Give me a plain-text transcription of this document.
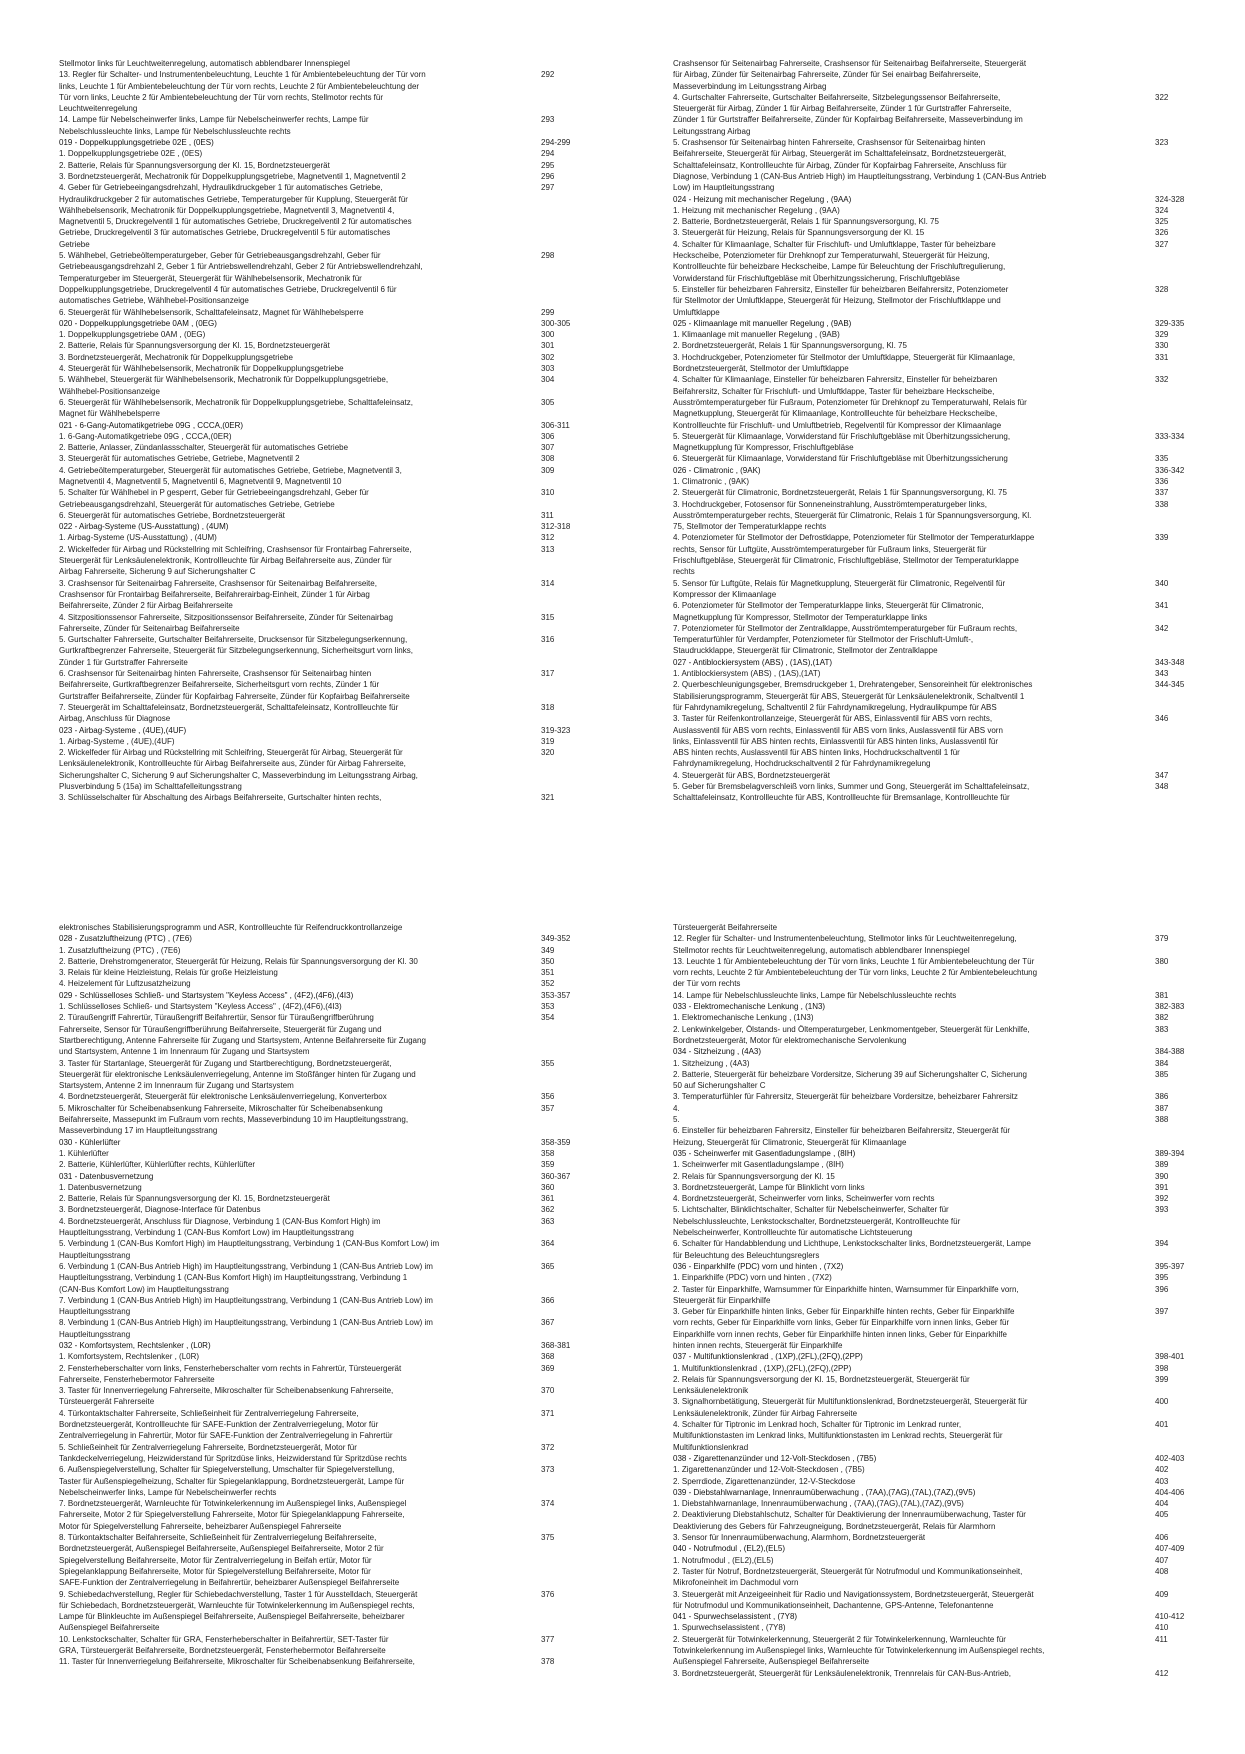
Stellmotor links für Leuchtweitenregelung, automatisch abblendbarer Innenspiegel
13. Regler für Schalter- und Instrumentenbeleuchtung, Leuchte 1 für Ambientebeleuchtung der Tür vorn	292
links, Leuchte 1 für Ambientebeleuchtung der Tür vorn rechts, Leuchte 2 für Ambientebeleuchtung der
Tür vorn links, Leuchte 2 für Ambientebeleuchtung der Tür vorn rechts, Stellmotor rechts für
Leuchtweitenregelung
14. Lampe für Nebelscheinwerfer links, Lampe für Nebelscheinwerfer rechts, Lampe für	293
Nebelschlussleuchte links, Lampe für Nebelschlussleuchte rechts
019 - Doppelkupplungsgetriebe 02E , (0ES)	294-299
1. Doppelkupplungsgetriebe 02E , (0ES)	294
2. Batterie, Relais für Spannungsversorgung der Kl. 15, Bordnetzsteuergerät	295
3. Bordnetzsteuergerät, Mechatronik für Doppelkupplungsgetriebe, Magnetventil 1, Magnetventil 2	296
4. Geber für Getriebeeingangsdrehzahl, Hydraulikdruckgeber 1 für automatisches Getriebe,	297
Hydraulikdruckgeber 2 für automatisches Getriebe, Temperaturgeber für Kupplung, Steuergerät für
Wählhebelsensorik, Mechatronik für Doppelkupplungsgetriebe, Magnetventil 3, Magnetventil 4,
Magnetventil 5, Druckregelventil 1 für automatisches Getriebe, Druckregelventil 2 für automatisches
Getriebe, Druckregelventil 3 für automatisches Getriebe, Druckregelventil 5 für automatisches
Getriebe
5. Wählhebel, Getriebeöltemperaturgeber, Geber für Getriebeausgangsdrehzahl, Geber für	298
Getriebeausgangsdrehzahl 2, Geber 1 für Antriebswellendrehzahl, Geber 2 für Antriebswellendrehzahl,
Temperaturgeber im Steuergerät, Steuergerät für Wählhebelsensorik, Mechatronik für
Doppelkupplungsgetriebe, Druckregelventil 4 für automatisches Getriebe, Druckregelventil 6 für
automatisches Getriebe, Wählhebel-Positionsanzeige
6. Steuergerät für Wählhebelsensorik, Schalttafeleinsatz, Magnet für Wählhebelsperre	299
020 - Doppelkupplungsgetriebe 0AM , (0EG)	300-305
1. Doppelkupplungsgetriebe 0AM , (0EG)	300
2. Batterie, Relais für Spannungsversorgung der Kl. 15, Bordnetzsteuergerät	301
3. Bordnetzsteuergerät, Mechatronik für Doppelkupplungsgetriebe	302
4. Steuergerät für Wählhebelsensorik, Mechatronik für Doppelkupplungsgetriebe	303
5. Wählhebel, Steuergerät für Wählhebelsensorik, Mechatronik für Doppelkupplungsgetriebe,	304
Wählhebel-Positionsanzeige
6. Steuergerät für Wählhebelsensorik, Mechatronik für Doppelkupplungsgetriebe, Schalttafeleinsatz,	305
Magnet für Wählhebelsperre
021 - 6-Gang-Automatikgetriebe 09G , CCCA,(0ER)	306-311
1. 6-Gang-Automatikgetriebe 09G , CCCA,(0ER)	306
2. Batterie, Anlasser, Zündanlassschalter, Steuergerät für automatisches Getriebe	307
3. Steuergerät für automatisches Getriebe, Getriebe, Magnetventil 2	308
4. Getriebeöltemperaturgeber, Steuergerät für automatisches Getriebe, Getriebe, Magnetventil 3,	309
Magnetventil 4, Magnetventil 5, Magnetventil 6, Magnetventil 9, Magnetventil 10
5. Schalter für Wählhebel in P gesperrt, Geber für Getriebeeingangsdrehzahl, Geber für	310
Getriebeausgangsdrehzahl, Steuergerät für automatisches Getriebe, Getriebe
6. Steuergerät für automatisches Getriebe, Bordnetzsteuergerät	311
022 - Airbag-Systeme (US-Ausstattung) , (4UM)	312-318
1. Airbag-Systeme (US-Ausstattung) , (4UM)	312
2. Wickelfeder für Airbag und Rückstellring mit Schleifring, Crashsensor für Frontairbag Fahrerseite,	313
Steuergerät für Lenksäulenelektronik, Kontrollleuchte für Airbag Beifahrerseite aus, Zünder für
Airbag Fahrerseite, Sicherung 9 auf Sicherungshalter C
3. Crashsensor für Seitenairbag Fahrerseite, Crashsensor für Seitenairbag Beifahrerseite,	314
Crashsensor für Frontairbag Beifahrerseite, Beifahrerairbag-Einheit, Zünder 1 für Airbag
Beifahrerseite, Zünder 2 für Airbag Beifahrerseite
4. Sitzpositionssensor Fahrerseite, Sitzpositionssensor Beifahrerseite, Zünder für Seitenairbag	315
Fahrerseite, Zünder für Seitenairbag Beifahrerseite
5. Gurtschalter Fahrerseite, Gurtschalter Beifahrerseite, Drucksensor für Sitzbelegungserkennung,	316
Gurtkraftbegrenzer Fahrerseite, Steuergerät für Sitzbelegungserkennung, Sicherheitsgurt vorn links,
Zünder 1 für Gurtstraffer Fahrerseite
6. Crashsensor für Seitenairbag hinten Fahrerseite, Crashsensor für Seitenairbag hinten	317
Beifahrerseite, Gurtkraftbegrenzer Beifahrerseite, Sicherheitsgurt vorn rechts, Zünder 1 für
Gurtstraffer Beifahrerseite, Zünder für Kopfairbag Fahrerseite, Zünder für Kopfairbag Beifahrerseite
7. Steuergerät im Schalttafeleinsatz, Bordnetzsteuergerät, Schalttafeleinsatz, Kontrollleuchte für	318
Airbag, Anschluss für Diagnose
023 - Airbag-Systeme , (4UE),(4UF)	319-323
1. Airbag-Systeme , (4UE),(4UF)	319
2. Wickelfeder für Airbag und Rückstellring mit Schleifring, Steuergerät für Airbag, Steuergerät für	320
Lenksäulenelektronik, Kontrollleuchte für Airbag Beifahrerseite aus, Zünder für Airbag Fahrerseite,
Sicherungshalter C, Sicherung 9 auf Sicherungshalter C, Masseverbindung im Leitungsstrang Airbag,
Plusverbindung 5 (15a) im Schalttafelleitungsstrang
3. Schlüsselschalter für Abschaltung des Airbags Beifahrerseite, Gurtschalter hinten rechts,	321
Crashsensor für Seitenairbag Fahrerseite, Crashsensor für Seitenairbag Beifahrerseite, Steuergerät
für Airbag, Zünder für Seitenairbag Fahrerseite, Zünder für Sei enairbag Beifahrerseite,
Masseverbindung im Leitungsstrang Airbag
4. Gurtschalter Fahrerseite, Gurtschalter Beifahrerseite, Sitzbelegungssensor Beifahrerseite,	322
Steuergerät für Airbag, Zünder 1 für Airbag Beifahrerseite, Zünder 1 für Gurtstraffer Fahrerseite,
Zünder 1 für Gurtstraffer Beifahrerseite, Zünder für Kopfairbag Beifahrerseite, Masseverbindung im
Leitungsstrang Airbag
5. Crashsensor für Seitenairbag hinten Fahrerseite, Crashsensor für Seitenairbag hinten	323
Beifahrerseite, Steuergerät für Airbag, Steuergerät im Schalttafeleinsatz, Bordnetzsteuergerät,
Schalttafeleinsatz, Kontrollleuchte für Airbag, Zünder für Kopfairbag Fahrerseite, Anschluss für
Diagnose, Verbindung 1 (CAN-Bus Antrieb High) im Hauptleitungsstrang, Verbindung 1 (CAN-Bus Antrieb
Low) im Hauptleitungsstrang
024 - Heizung mit mechanischer Regelung , (9AA)	324-328
1. Heizung mit mechanischer Regelung , (9AA)	324
2. Batterie, Bordnetzsteuergerät, Relais 1 für Spannungsversorgung, Kl. 75	325
3. Steuergerät für Heizung, Relais für Spannungsversorgung der Kl. 15	326
4. Schalter für Klimaanlage, Schalter für Frischluft- und Umluftklappe, Taster für beheizbare	327
Heckscheibe, Potenziometer für Drehknopf zur Temperaturwahl, Steuergerät für Heizung,
Kontrollleuchte für beheizbare Heckscheibe, Lampe für Beleuchtung der Frischluftregulierung,
Vorwiderstand für Frischluftgebläse mit Überhitzungssicherung, Frischluftgebläse
5. Einsteller für beheizbaren Fahrersitz, Einsteller für beheizbaren Beifahrersitz, Potenziometer	328
für Stellmotor der Umluftklappe, Steuergerät für Heizung, Stellmotor der Frischluftklappe und
Umluftklappe
025 - Klimaanlage mit manueller Regelung , (9AB)	329-335
1. Klimaanlage mit manueller Regelung , (9AB)	329
2. Bordnetzsteuergerät, Relais 1 für Spannungsversorgung, Kl. 75	330
3. Hochdruckgeber, Potenziometer für Stellmotor der Umluftklappe, Steuergerät für Klimaanlage,	331
Bordnetzsteuergerät, Stellmotor der Umluftklappe
4. Schalter für Klimaanlage, Einsteller für beheizbaren Fahrersitz, Einsteller für beheizbaren	332
Beifahrersitz, Schalter für Frischluft- und Umluftklappe, Taster für beheizbare Heckscheibe,
Ausströmtemperaturgeber für Fußraum, Potenziometer für Drehknopf zu Temperaturwahl, Relais für
Magnetkupplung, Steuergerät für Klimaanlage, Kontrollleuchte für beheizbare Heckscheibe,
Kontrollleuchte für Frischluft- und Umluftbetrieb, Regelventil für Kompressor der Klimaanlage
5. Steuergerät für Klimaanlage, Vorwiderstand für Frischluftgebläse mit Überhitzungssicherung,	333-334
Magnetkupplung für Kompressor, Frischluftgebläse
6. Steuergerät für Klimaanlage, Vorwiderstand für Frischluftgebläse mit Überhitzungssicherung	335
026 - Climatronic , (9AK)	336-342
1. Climatronic , (9AK)	336
2. Steuergerät für Climatronic, Bordnetzsteuergerät, Relais 1 für Spannungsversorgung, Kl. 75	337
3. Hochdruckgeber, Fotosensor für Sonneneinstrahlung, Ausströmtemperaturgeber links,	338
Ausströmtemperaturgeber rechts, Steuergerät für Climatronic, Relais 1 für Spannungsversorgung, Kl.
75, Stellmotor der Temperaturklappe rechts
4. Potenziometer für Stellmotor der Defrostklappe, Potenziometer für Stellmotor der Temperaturklappe	339
rechts, Sensor für Luftgüte, Ausströmtemperaturgeber für Fußraum links, Steuergerät für
Frischluftgebläse, Steuergerät für Climatronic, Frischluftgebläse, Stellmotor der Temperaturklappe
rechts
5. Sensor für Luftgüte, Relais für Magnetkupplung, Steuergerät für Climatronic, Regelventil für	340
Kompressor der Klimaanlage
6. Potenziometer für Stellmotor der Temperaturklappe links, Steuergerät für Climatronic,	341
Magnetkupplung für Kompressor, Stellmotor der Temperaturklappe links
7. Potenziometer für Stellmotor der Zentralklappe, Ausströmtemperaturgeber für Fußraum rechts,	342
Temperaturfühler für Verdampfer, Potenziometer für Stellmotor der Frischluft-Umluft-,
Staudruckklappe, Steuergerät für Climatronic, Stellmotor der Zentralklappe
027 - Antiblockiersystem (ABS) , (1AS),(1AT)	343-348
1. Antiblockiersystem (ABS) , (1AS),(1AT)	343
2. Querbeschleunigungsgeber, Bremsdruckgeber 1, Drehratengeber, Sensoreinheit für elektronisches	344-345
Stabilisierungsprogramm, Steuergerät für ABS, Steuergerät für Lenksäulenelektronik, Schaltventil 1
für Fahrdynamikregelung, Schaltventil 2 für Fahrdynamikregelung, Hydraulikpumpe für ABS
3. Taster für Reifenkontrollanzeige, Steuergerät für ABS, Einlassventil für ABS vorn rechts,	346
Auslassventil für ABS vorn rechts, Einlassventil für ABS vorn links, Auslassventil für ABS vorn
links, Einlassventil für ABS hinten rechts, Einlassventil für ABS hinten links, Auslassventil für
ABS hinten rechts, Auslassventil für ABS hinten links, Hochdruckschaltventil 1 für
Fahrdynamikregelung, Hochdruckschaltventil 2 für Fahrdynamikregelung
4. Steuergerät für ABS, Bordnetzsteuergerät	347
5. Geber für Bremsbelagverschleiß vorn links, Summer und Gong, Steuergerät im Schalttafeleinsatz,	348
Schalttafeleinsatz, Kontrollleuchte für ABS, Kontrollleuchte für Bremsanlage, Kontrollleuchte für
elektronisches Stabilisierungsprogramm und ASR, Kontrollleuchte für Reifendruckkontrollanzeige
028 - Zusatzluftheizung (PTC) , (7E6)	349-352
1. Zusatzluftheizung (PTC) , (7E6)	349
2. Batterie, Drehstromgenerator, Steuergerät für Heizung, Relais für Spannungsversorgung der Kl. 30	350
3. Relais für kleine Heizleistung, Relais für große Heizleistung	351
4. Heizelement für Luftzusatzheizung	352
029 - Schlüsselloses Schließ- und Startsystem "Keyless Access" , (4F2),(4F6),(4I3)	353-357
1. Schlüsselloses Schließ- und Startsystem "Keyless Access" , (4F2),(4F6),(4I3)	353
2. Türaußengriff Fahrertür, Türaußengriff Beifahrertür, Sensor für Türaußengriffberührung	354
Fahrerseite, Sensor für Türaußengriffberührung Beifahrerseite, Steuergerät für Zugang und
Startberechtigung, Antenne Fahrerseite für Zugang und Startsystem, Antenne Beifahrerseite für Zugang
und Startsystem, Antenne 1 im Innenraum für Zugang und Startsystem
3. Taster für Startanlage, Steuergerät für Zugang und Startberechtigung, Bordnetzsteuergerät,	355
Steuergerät für elektronische Lenksäulenverriegelung, Antenne im Stoßfänger hinten für Zugang und
Startsystem, Antenne 2 im Innenraum für Zugang und Startsystem
4. Bordnetzsteuergerät, Steuergerät für elektronische Lenksäulenverriegelung, Konverterbox	356
5. Mikroschalter für Scheibenabsenkung Fahrerseite, Mikroschalter für Scheibenabsenkung	357
Beifahrerseite, Massepunkt im Fußraum vorn rechts, Masseverbindung 10 im Hauptleitungsstrang,
Masseverbindung 17 im Hauptleitungsstrang
030 - Kühlerlüfter	358-359
1. Kühlerlüfter	358
2. Batterie, Kühlerlüfter, Kühlerlüfter rechts, Kühlerlüfter	359
031 - Datenbusvernetzung	360-367
1. Datenbusvernetzung	360
2. Batterie, Relais für Spannungsversorgung der Kl. 15, Bordnetzsteuergerät	361
3. Bordnetzsteuergerät, Diagnose-Interface für Datenbus	362
4. Bordnetzsteuergerät, Anschluss für Diagnose, Verbindung 1 (CAN-Bus Komfort High) im	363
Hauptleitungsstrang, Verbindung 1 (CAN-Bus Komfort Low) im Hauptleitungsstrang
5. Verbindung 1 (CAN-Bus Komfort High) im Hauptleitungsstrang, Verbindung 1 (CAN-Bus Komfort Low) im	364
Hauptleitungsstrang
6. Verbindung 1 (CAN-Bus Antrieb High) im Hauptleitungsstrang, Verbindung 1 (CAN-Bus Antrieb Low) im	365
Hauptleitungsstrang, Verbindung 1 (CAN-Bus Komfort High) im Hauptleitungsstrang, Verbindung 1
(CAN-Bus Komfort Low) im Hauptleitungsstrang
7. Verbindung 1 (CAN-Bus Antrieb High) im Hauptleitungsstrang, Verbindung 1 (CAN-Bus Antrieb Low) im	366
Hauptleitungsstrang
8. Verbindung 1 (CAN-Bus Antrieb High) im Hauptleitungsstrang, Verbindung 1 (CAN-Bus Antrieb Low) im	367
Hauptleitungsstrang
032 - Komfortsystem, Rechtslenker , (L0R)	368-381
1. Komfortsystem, Rechtslenker , (L0R)	368
2. Fensterheberschalter vorn links, Fensterheberschalter vorn rechts in Fahrertür, Türsteuergerät	369
Fahrerseite, Fensterhebermotor Fahrerseite
3. Taster für Innenverriegelung Fahrerseite, Mikroschalter für Scheibenabsenkung Fahrerseite,	370
Türsteuergerät Fahrerseite
4. Türkontaktschalter Fahrerseite, Schließeinheit für Zentralverriegelung Fahrerseite,	371
Bordnetzsteuergerät, Kontrollleuchte für SAFE-Funktion der Zentralverriegelung, Motor für
Zentralverriegelung in Fahrertür, Motor für SAFE-Funktion der Zentralverriegelung in Fahrertür
5. Schließeinheit für Zentralverriegelung Fahrerseite, Bordnetzsteuergerät, Motor für	372
Tankdeckelverriegelung, Heizwiderstand für Spritzdüse links, Heizwiderstand für Spritzdüse rechts
6. Außenspiegelverstellung, Schalter für Spiegelverstellung, Umschalter für Spiegelverstellung,	373
Taster für Außenspiegelheizung, Schalter für Spiegelanklappung, Bordnetzsteuergerät, Lampe für
Nebelscheinwerfer links, Lampe für Nebelscheinwerfer rechts
7. Bordnetzsteuergerät, Warnleuchte für Totwinkelerkennung im Außenspiegel links, Außenspiegel	374
Fahrerseite, Motor 2 für Spiegelverstellung Fahrerseite, Motor für Spiegelanklappung Fahrerseite,
Motor für Spiegelverstellung Fahrerseite, beheizbarer Außenspiegel Fahrerseite
8. Türkontaktschalter Beifahrerseite, Schließeinheit für Zentralverriegelung Beifahrerseite,	375
Bordnetzsteuergerät, Außenspiegel Beifahrerseite, Außenspiegel Beifahrerseite, Motor 2 für
Spiegelverstellung Beifahrerseite, Motor für Zentralverriegelung in Beifah ertür, Motor für
Spiegelanklappung Beifahrerseite, Motor für Spiegelverstellung Beifahrerseite, Motor für
SAFE-Funktion der Zentralverriegelung in Beifahrertür, beheizbarer Außenspiegel Beifahrerseite
9. Schiebedachverstellung, Regler für Schiebedachverstellung, Taster 1 für Ausstelldach, Steuergerät	376
für Schiebedach, Bordnetzsteuergerät, Warnleuchte für Totwinkelerkennung im Außenspiegel rechts,
Lampe für Blinkleuchte im Außenspiegel Beifahrerseite, Außenspiegel Beifahrerseite, beheizbarer
Außenspiegel Beifahrerseite
10. Lenkstockschalter, Schalter für GRA, Fensterheberschalter in Beifahrertür, SET-Taster für	377
GRA, Türsteuergerät Beifahrerseite, Bordnetzsteuergerät, Fensterhebermotor Beifahrerseite
11. Taster für Innenverriegelung Beifahrerseite, Mikroschalter für Scheibenabsenkung Beifahrerseite,	378
Türsteuergerät Beifahrerseite
12. Regler für Schalter- und Instrumentenbeleuchtung, Stellmotor links für Leuchtweitenregelung,	379
Stellmotor rechts für Leuchtweitenregelung, automatisch abblendbarer Innenspiegel
13. Leuchte 1 für Ambientebeleuchtung der Tür vorn links, Leuchte 1 für Ambientebeleuchtung der Tür	380
vorn rechts, Leuchte 2 für Ambientebeleuchtung der Tür vorn links, Leuchte 2 für Ambientebeleuchtung
der Tür vorn rechts
14. Lampe für Nebelschlussleuchte links, Lampe für Nebelschlussleuchte rechts	381
033 - Elektromechanische Lenkung , (1N3)	382-383
1. Elektromechanische Lenkung , (1N3)	382
2. Lenkwinkelgeber, Ölstands- und Öltemperaturgeber, Lenkmomentgeber, Steuergerät für Lenkhilfe,	383
Bordnetzsteuergerät, Motor für elektromechanische Servolenkung
034 - Sitzheizung , (4A3)	384-388
1. Sitzheizung , (4A3)	384
2. Batterie, Steuergerät für beheizbare Vordersitze, Sicherung 39 auf Sicherungshalter C, Sicherung	385
50 auf Sicherungshalter C
3. Temperaturfühler für Fahrersitz, Steuergerät für beheizbare Vordersitze, beheizbarer Fahrersitz	386
4.	387
5.	388
6. Einsteller für beheizbaren Fahrersitz, Einsteller für beheizbaren Beifahrersitz, Steuergerät für
Heizung, Steuergerät für Climatronic, Steuergerät für Klimaanlage
035 - Scheinwerfer mit Gasentladungslampe , (8IH)	389-394
1. Scheinwerfer mit Gasentladungslampe , (8IH)	389
2. Relais für Spannungsversorgung der Kl. 15	390
3. Bordnetzsteuergerät, Lampe für Blinklicht vorn links	391
4. Bordnetzsteuergerät, Scheinwerfer vorn links, Scheinwerfer vorn rechts	392
5. Lichtschalter, Blinklichtschalter, Schalter für Nebelscheinwerfer, Schalter für	393
Nebelschlussleuchte, Lenkstockschalter, Bordnetzsteuergerät, Kontrollleuchte für
Nebelscheinwerfer, Kontrollleuchte für automatische Lichtsteuerung
6. Schalter für Handabblendung und Lichthupe, Lenkstockschalter links, Bordnetzsteuergerät, Lampe	394
für Beleuchtung des Beleuchtungsreglers
036 - Einparkhilfe (PDC) vorn und hinten , (7X2)	395-397
1. Einparkhilfe (PDC) vorn und hinten , (7X2)	395
2. Taster für Einparkhilfe, Warnsummer für Einparkhilfe hinten, Warnsummer für Einparkhilfe vorn,	396
Steuergerät für Einparkhilfe
3. Geber für Einparkhilfe hinten links, Geber für Einparkhilfe hinten rechts, Geber für Einparkhilfe	397
vorn rechts, Geber für Einparkhilfe vorn links, Geber für Einparkhilfe vorn innen links, Geber für
Einparkhilfe vorn innen rechts, Geber für Einparkhilfe hinten innen links, Geber für Einparkhilfe
hinten innen rechts, Steuergerät für Einparkhilfe
037 - Multifunktionslenkrad , (1XP),(2FL),(2FQ),(2PP)	398-401
1. Multifunktionslenkrad , (1XP),(2FL),(2FQ),(2PP)	398
2. Relais für Spannungsversorgung der Kl. 15, Bordnetzsteuergerät, Steuergerät für	399
Lenksäulenelektronik
3. Signalhornbetätigung, Steuergerät für Multifunktionslenkrad, Bordnetzsteuergerät, Steuergerät für	400
Lenksäulenelektronik, Zünder für Airbag Fahrerseite
4. Schalter für Tiptronic im Lenkrad hoch, Schalter für Tiptronic im Lenkrad runter,	401
Multifunktionstasten im Lenkrad links, Multifunktionstasten im Lenkrad rechts, Steuergerät für
Multifunktionslenkrad
038 - Zigarettenanzünder und 12-Volt-Steckdosen , (7B5)	402-403
1. Zigarettenanzünder und 12-Volt-Steckdosen , (7B5)	402
2. Sperrdiode, Zigarettenanzünder, 12-V-Steckdose	403
039 - Diebstahlwarnanlage, Innenraumüberwachung , (7AA),(7AG),(7AL),(7AZ),(9V5)	404-406
1. Diebstahlwarnanlage, Innenraumüberwachung , (7AA),(7AG),(7AL),(7AZ),(9V5)	404
2. Deaktivierung Diebstahlschutz, Schalter für Deaktivierung der Innenraumüberwachung, Taster für	405
Deaktivierung des Gebers für Fahrzeugneigung, Bordnetzsteuergerät, Relais für Alarmhorn
3. Sensor für Innenraumüberwachung, Alarmhorn, Bordnetzsteuergerät	406
040 - Notrufmodul , (EL2),(EL5)	407-409
1. Notrufmodul , (EL2),(EL5)	407
2. Taster für Notruf, Bordnetzsteuergerät, Steuergerät für Notrufmodul und Kommunikationseinheit,	408
Mikrofoneinheit im Dachmodul vorn
3. Steuergerät mit Anzeigeeinheit für Radio und Navigationssystem, Bordnetzsteuergerät, Steuergerät	409
für Notrufmodul und Kommunikationseinheit, Dachantenne, GPS-Antenne, Telefonantenne
041 - Spurwechselassistent , (7Y8)	410-412
1. Spurwechselassistent , (7Y8)	410
2. Steuergerät für Totwinkelerkennung, Steuergerät 2 für Totwinkelerkennung, Warnleuchte für	411
Totwinkelerkennung im Außenspiegel links, Warnleuchte für Totwinkelerkennung im Außenspiegel rechts,
Außenspiegel Fahrerseite, Außenspiegel Beifahrerseite
3. Bordnetzsteuergerät, Steuergerät für Lenksäulenelektronik, Trennrelais für CAN-Bus-Antrieb,	412
